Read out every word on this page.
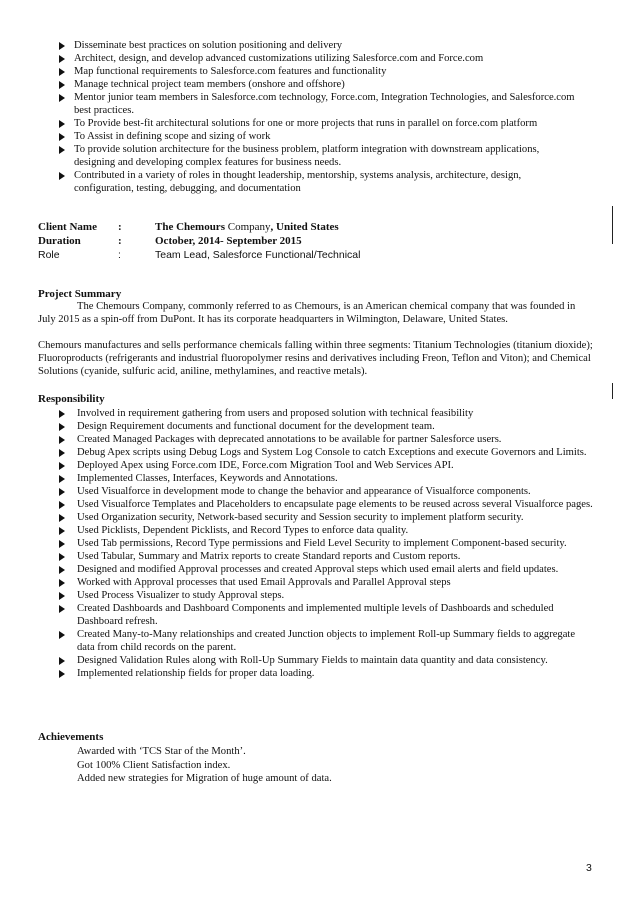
Disseminate best practices on solution positioning and delivery
Architect, design, and develop advanced customizations utilizing Salesforce.com and Force.com
Map functional requirements to Salesforce.com features and functionality
Manage technical project team members (onshore and offshore)
Mentor junior team members in Salesforce.com technology, Force.com, Integration Technologies, and Salesforce.com best practices.
To Provide best-fit architectural solutions for one or more projects that runs in parallel on force.com platform
To Assist in defining scope and sizing of work
To provide solution architecture for the business problem, platform integration with downstream applications, designing and developing complex features for business needs.
Contributed in a variety of roles in thought leadership, mentorship, systems analysis, architecture, design, configuration, testing, debugging, and documentation
Client Name :	The Chemours Company, United States
Duration	:	October, 2014- September 2015
Role	:	Team Lead, Salesforce Functional/Technical
Project Summary
The Chemours Company, commonly referred to as Chemours, is an American chemical company that was founded in July 2015 as a spin-off from DuPont. It has its corporate headquarters in Wilmington, Delaware, United States.
Chemours manufactures and sells performance chemicals falling within three segments: Titanium Technologies (titanium dioxide); Fluoroproducts (refrigerants and industrial fluoropolymer resins and derivatives including Freon, Teflon and Viton); and Chemical Solutions (cyanide, sulfuric acid, aniline, methylamines, and reactive metals).
Responsibility
Involved in requirement gathering from users and proposed solution with technical feasibility
Design Requirement documents and functional document for the development team.
Created Managed Packages with deprecated annotations to be available for partner Salesforce users.
Debug Apex scripts using Debug Logs and System Log Console to catch Exceptions and execute Governors and Limits.
Deployed Apex using Force.com IDE, Force.com Migration Tool and Web Services API.
Implemented Classes, Interfaces, Keywords and Annotations.
Used Visualforce in development mode to change the behavior and appearance of Visualforce components.
Used Visualforce Templates and Placeholders to encapsulate page elements to be reused across several Visualforce pages.
Used Organization security, Network-based security and Session security to implement platform security.
Used Picklists, Dependent Picklists, and Record Types to enforce data quality.
Used Tab permissions, Record Type permissions and Field Level Security to implement Component-based security.
Used Tabular, Summary and Matrix reports to create Standard reports and Custom reports.
Designed and modified Approval processes and created Approval steps which used email alerts and field updates.
Worked with Approval processes that used Email Approvals and Parallel Approval steps
Used Process Visualizer to study Approval steps.
Created Dashboards and Dashboard Components and implemented multiple levels of Dashboards and scheduled Dashboard refresh.
Created Many-to-Many relationships and created Junction objects to implement Roll-up Summary fields to aggregate data from child records on the parent.
Designed Validation Rules along with Roll-Up Summary Fields to maintain data quantity and data consistency.
Implemented relationship fields for proper data loading.
Achievements
Awarded with ‘TCS Star of the Month’.
Got 100% Client Satisfaction index.
Added new strategies for Migration of huge amount of data.
3
